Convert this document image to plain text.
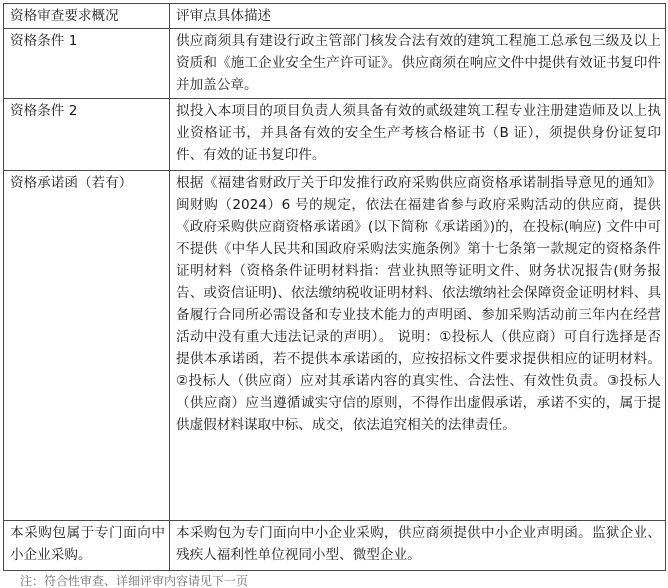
资格审查要求概况	评审点具体描述
资格条件 1	供应商须具有建设行政主管部门核发合法有效的建筑工程施工总承包三级及以上资质和《施工企业安全生产许可证》。供应商须在响应文件中提供有效证书复印件并加盖公章。
资格条件 2	拟投入本项目的项目负责人须具备有效的贰级建筑工程专业注册建造师及以上执业资格证书，并具备有效的安全生产考核合格证书（B 证），须提供身份证复印件、有效的证书复印件。
资格承诺函（若有）	根据《福建省财政厅关于印发推行政府采购供应商资格承诺制指导意见的通知》闽财购（2024）6 号的规定，依法在福建省参与政府采购活动的供应商，提供《政府采购供应商资格承诺函》(以下简称《承诺函》)的，在投标(响应) 文件中可不提供《中华人民共和国政府采购法实施条例》第十七条第一款规定的资格条件证明材料（资格条件证明材料指：营业执照等证明文件、财务状况报告(财务报告、或资信证明)、依法缴纳税收证明材料、依法缴纳社会保障资金证明材料、具备履行合同所必需设备和专业技术能力的声明函、参加采购活动前三年内在经营活动中没有重大违法记录的声明）。 说明：①投标人（供应商）可自行选择是否提供本承诺函，若不提供本承诺函的，应按招标文件要求提供相应的证明材料。②投标人（供应商）应对其承诺内容的真实性、合法性、有效性负责。③投标人（供应商）应当遵循诚实守信的原则，不得作出虚假承诺，承诺不实的，属于提供虚假材料谋取中标、成交，依法追究相关的法律责任。
本采购包属于专门面向中小企业采购。	本采购包为专门面向中小企业采购，供应商须提供中小企业声明函。监狱企业、残疾人福利性单位视同小型、微型企业。
注：符合性审查、详细评审内容请见下一页
